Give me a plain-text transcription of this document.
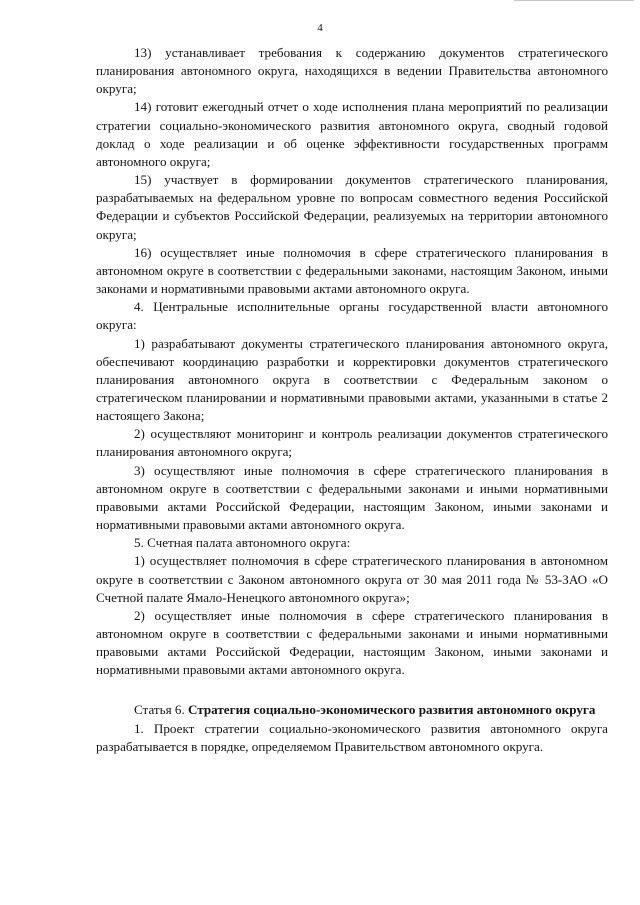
4

13) устанавливает требования к содержанию документов стратегического планирования автономного округа, находящихся в ведении Правительства автономного округа;

14) готовит ежегодный отчет о ходе исполнения плана мероприятий по реализации стратегии социально-экономического развития автономного округа, сводный годовой доклад о ходе реализации и об оценке эффективности государственных программ автономного округа;

15) участвует в формировании документов стратегического планирования, разрабатываемых на федеральном уровне по вопросам совместного ведения Российской Федерации и субъектов Российской Федерации, реализуемых на территории автономного округа;

16) осуществляет иные полномочия в сфере стратегического планирования в автономном округе в соответствии с федеральными законами, настоящим Законом, иными законами и нормативными правовыми актами автономного округа.

4. Центральные исполнительные органы государственной власти автономного округа:

1) разрабатывают документы стратегического планирования автономного округа, обеспечивают координацию разработки и корректировки документов стратегического планирования автономного округа в соответствии с Федеральным законом о стратегическом планировании и нормативными правовыми актами, указанными в статье 2 настоящего Закона;

2) осуществляют мониторинг и контроль реализации документов стратегического планирования автономного округа;

3) осуществляют иные полномочия в сфере стратегического планирования в автономном округе в соответствии с федеральными законами и иными нормативными правовыми актами Российской Федерации, настоящим Законом, иными законами и нормативными правовыми актами автономного округа.

5. Счетная палата автономного округа:

1) осуществляет полномочия в сфере стратегического планирования в автономном округе в соответствии с Законом автономного округа от 30 мая 2011 года № 53-ЗАО «О Счетной палате Ямало-Ненецкого автономного округа»;

2) осуществляет иные полномочия в сфере стратегического планирования в автономном округе в соответствии с федеральными законами и иными нормативными правовыми актами Российской Федерации, настоящим Законом, иными законами и нормативными правовыми актами автономного округа.

Статья 6. Стратегия социально-экономического развития автономного округа

1. Проект стратегии социально-экономического развития автономного округа разрабатывается в порядке, определяемом Правительством автономного округа.
